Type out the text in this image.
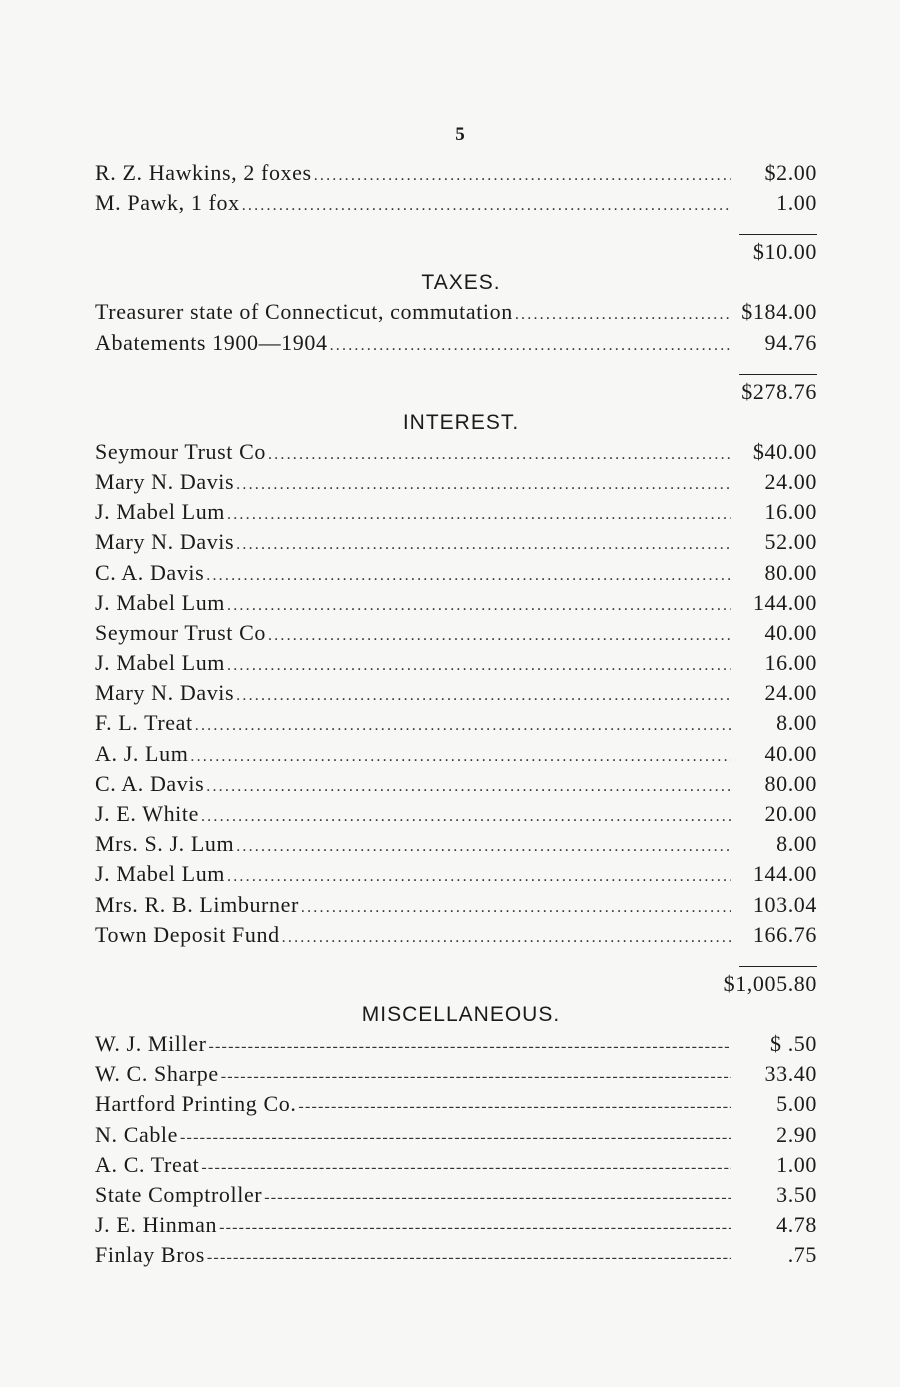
5
R. Z. Hawkins, 2 foxes .....	$2.00
M. Pawk, 1 fox .....	1.00
$10.00
TAXES.
Treasurer state of Connecticut, commutation .....	$184.00
Abatements 1900—1904 .....	94.76
$278.76
INTEREST.
Seymour Trust Co .....	$40.00
Mary N. Davis .....	24.00
J. Mabel Lum .....	16.00
Mary N. Davis .....	52.00
C. A. Davis .....	80.00
J. Mabel Lum .....	144.00
Seymour Trust Co .....	40.00
J. Mabel Lum .....	16.00
Mary N. Davis .....	24.00
F. L. Treat .....	8.00
A. J. Lum .....	40.00
C. A. Davis .....	80.00
J. E. White .....	20.00
Mrs. S. J. Lum .....	8.00
J. Mabel Lum .....	144.00
Mrs. R. B. Limburner .....	103.04
Town Deposit Fund .....	166.76
$1,005.80
MISCELLANEOUS.
W. J. Miller -----	$ .50
W. C. Sharpe -----	33.40
Hartford Printing Co. -----	5.00
N. Cable -----	2.90
A. C. Treat -----	1.00
State Comptroller -----	3.50
J. E. Hinman -----	4.78
Finlay Bros -----	.75
